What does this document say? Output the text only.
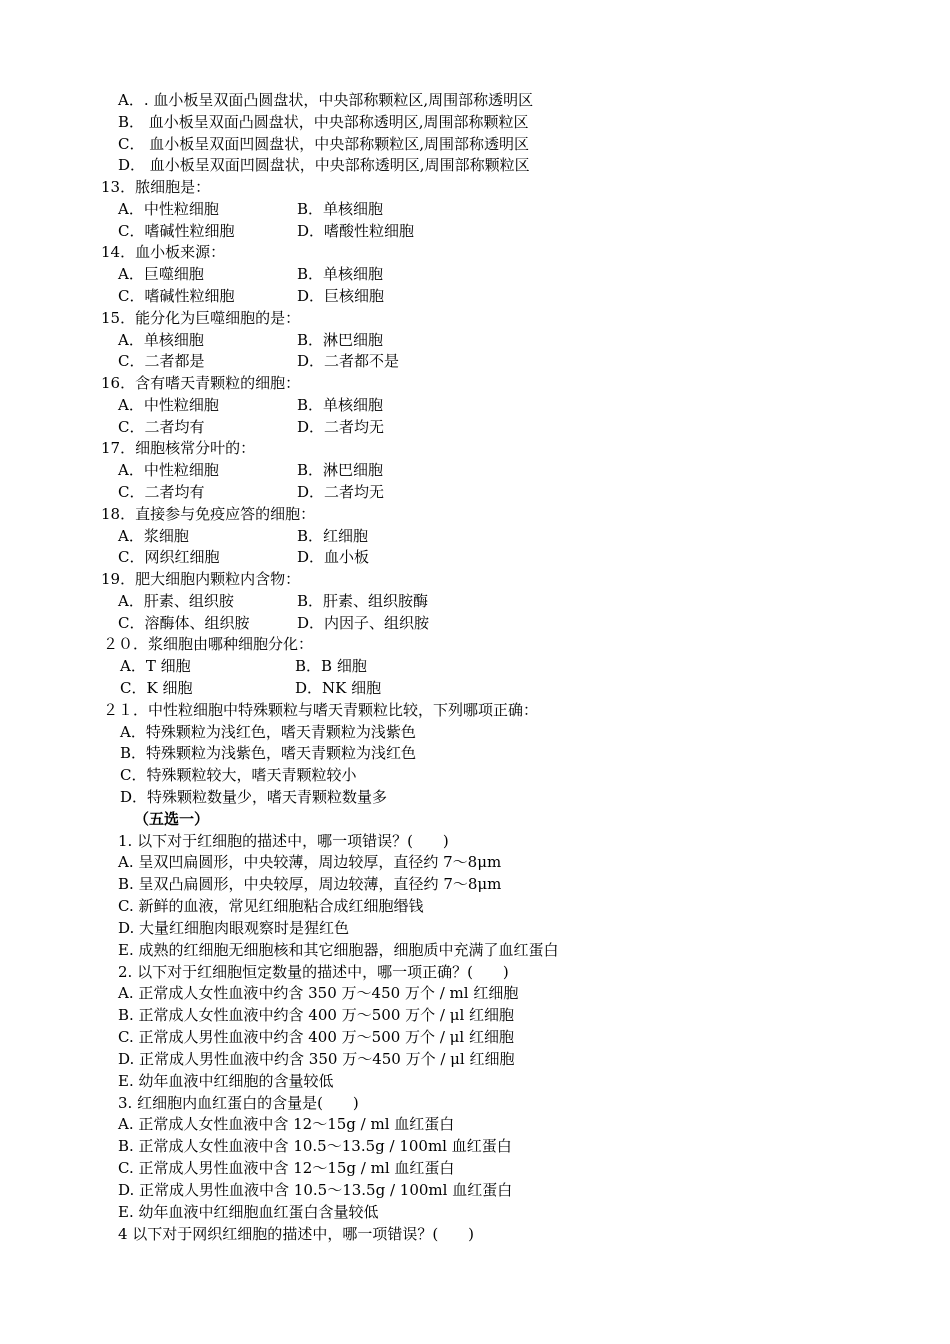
A．. 血小板呈双面凸圆盘状，中央部称颗粒区,周围部称透明区
B． 血小板呈双面凸圆盘状，中央部称透明区,周围部称颗粒区
C． 血小板呈双面凹圆盘状，中央部称颗粒区,周围部称透明区
D． 血小板呈双面凹圆盘状，中央部称透明区,周围部称颗粒区
13．脓细胞是：
A．中性粒细胞	B．单核细胞
C．嗜碱性粒细胞	D．嗜酸性粒细胞
14．血小板来源：
A．巨噬细胞	B．单核细胞
C．嗜碱性粒细胞	D．巨核细胞
15．能分化为巨噬细胞的是：
A．单核细胞	B．淋巴细胞
C．二者都是	D．二者都不是
16．含有嗜天青颗粒的细胞：
A．中性粒细胞	B．单核细胞
C．二者均有	D．二者均无
17．细胞核常分叶的：
A．中性粒细胞	B．淋巴细胞
C．二者均有	D．二者均无
18．直接参与免疫应答的细胞：
A．浆细胞	B．红细胞
C．网织红细胞	D．血小板
19．肥大细胞内颗粒内含物：
A．肝素、组织胺	B．肝素、组织胺酶
C．溶酶体、组织胺	D．内因子、组织胺
２０．浆细胞由哪种细胞分化：
A．T 细胞	B．B 细胞
C．K 细胞	D．NK 细胞
２１．中性粒细胞中特殊颗粒与嗜天青颗粒比较，下列哪项正确：
A．特殊颗粒为浅红色，嗜天青颗粒为浅紫色
B．特殊颗粒为浅紫色，嗜天青颗粒为浅红色
C．特殊颗粒较大，嗜天青颗粒较小
D．特殊颗粒数量少，嗜天青颗粒数量多
（五选一）
1. 以下对于红细胞的描述中，哪一项错误？(　　)
A. 呈双凹扁圆形，中央较薄，周边较厚，直径约 7～8μm
B. 呈双凸扁圆形，中央较厚，周边较薄，直径约 7～8μm
C. 新鲜的血液，常见红细胞粘合成红细胞缗钱
D. 大量红细胞肉眼观察时是猩红色
E. 成熟的红细胞无细胞核和其它细胞器，细胞质中充满了血红蛋白
2. 以下对于红细胞恒定数量的描述中，哪一项正确？(　　)
A. 正常成人女性血液中约含 350 万～450 万个 / ml 红细胞
B. 正常成人女性血液中约含 400 万～500 万个 / μl 红细胞
C. 正常成人男性血液中约含 400 万～500 万个 / μl 红细胞
D. 正常成人男性血液中约含 350 万～450 万个 / μl 红细胞
E. 幼年血液中红细胞的含量较低
3. 红细胞内血红蛋白的含量是(　　)
A. 正常成人女性血液中含 12～15g / ml 血红蛋白
B. 正常成人女性血液中含 10.5～13.5g / 100ml 血红蛋白
C. 正常成人男性血液中含 12～15g / ml 血红蛋白
D. 正常成人男性血液中含 10.5～13.5g / 100ml 血红蛋白
E. 幼年血液中红细胞血红蛋白含量较低
4 以下对于网织红细胞的描述中，哪一项错误？(　　)
